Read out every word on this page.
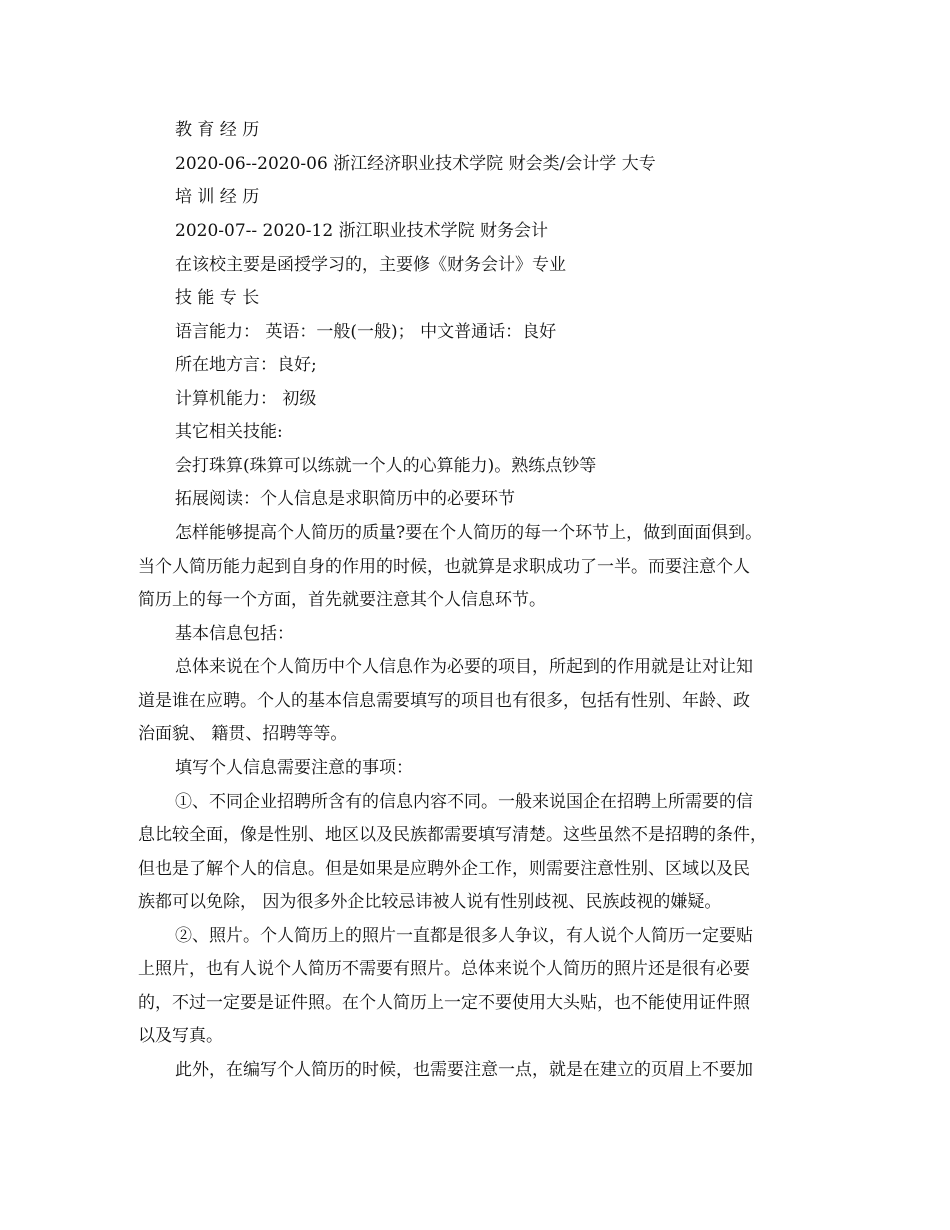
教 育 经 历
2020-06--2020-06 浙江经济职业技术学院 财会类/会计学 大专
培 训 经 历
2020-07-- 2020-12 浙江职业技术学院 财务会计
在该校主要是函授学习的，主要修《财务会计》专业
技 能 专 长
语言能力： 英语：一般(一般)； 中文普通话：良好
所在地方言：良好;
计算机能力： 初级
其它相关技能:
会打珠算(珠算可以练就一个人的心算能力)。熟练点钞等
拓展阅读：个人信息是求职简历中的必要环节
怎样能够提高个人简历的质量?要在个人简历的每一个环节上，做到面面俱到。
当个人简历能力起到自身的作用的时候，也就算是求职成功了一半。而要注意个人
简历上的每一个方面，首先就要注意其个人信息环节。
基本信息包括：
总体来说在个人简历中个人信息作为必要的项目，所起到的作用就是让对让知
道是谁在应聘。个人的基本信息需要填写的项目也有很多，包括有性别、年龄、政
治面貌、 籍贯、招聘等等。
填写个人信息需要注意的事项：
①、不同企业招聘所含有的信息内容不同。一般来说国企在招聘上所需要的信
息比较全面，像是性别、地区以及民族都需要填写清楚。这些虽然不是招聘的条件，
但也是了解个人的信息。但是如果是应聘外企工作，则需要注意性别、区域以及民
族都可以免除， 因为很多外企比较忌讳被人说有性别歧视、民族歧视的嫌疑。
②、照片。个人简历上的照片一直都是很多人争议，有人说个人简历一定要贴
上照片，也有人说个人简历不需要有照片。总体来说个人简历的照片还是很有必要
的，不过一定要是证件照。在个人简历上一定不要使用大头贴，也不能使用证件照
以及写真。
此外，在编写个人简历的时候，也需要注意一点，就是在建立的页眉上不要加
